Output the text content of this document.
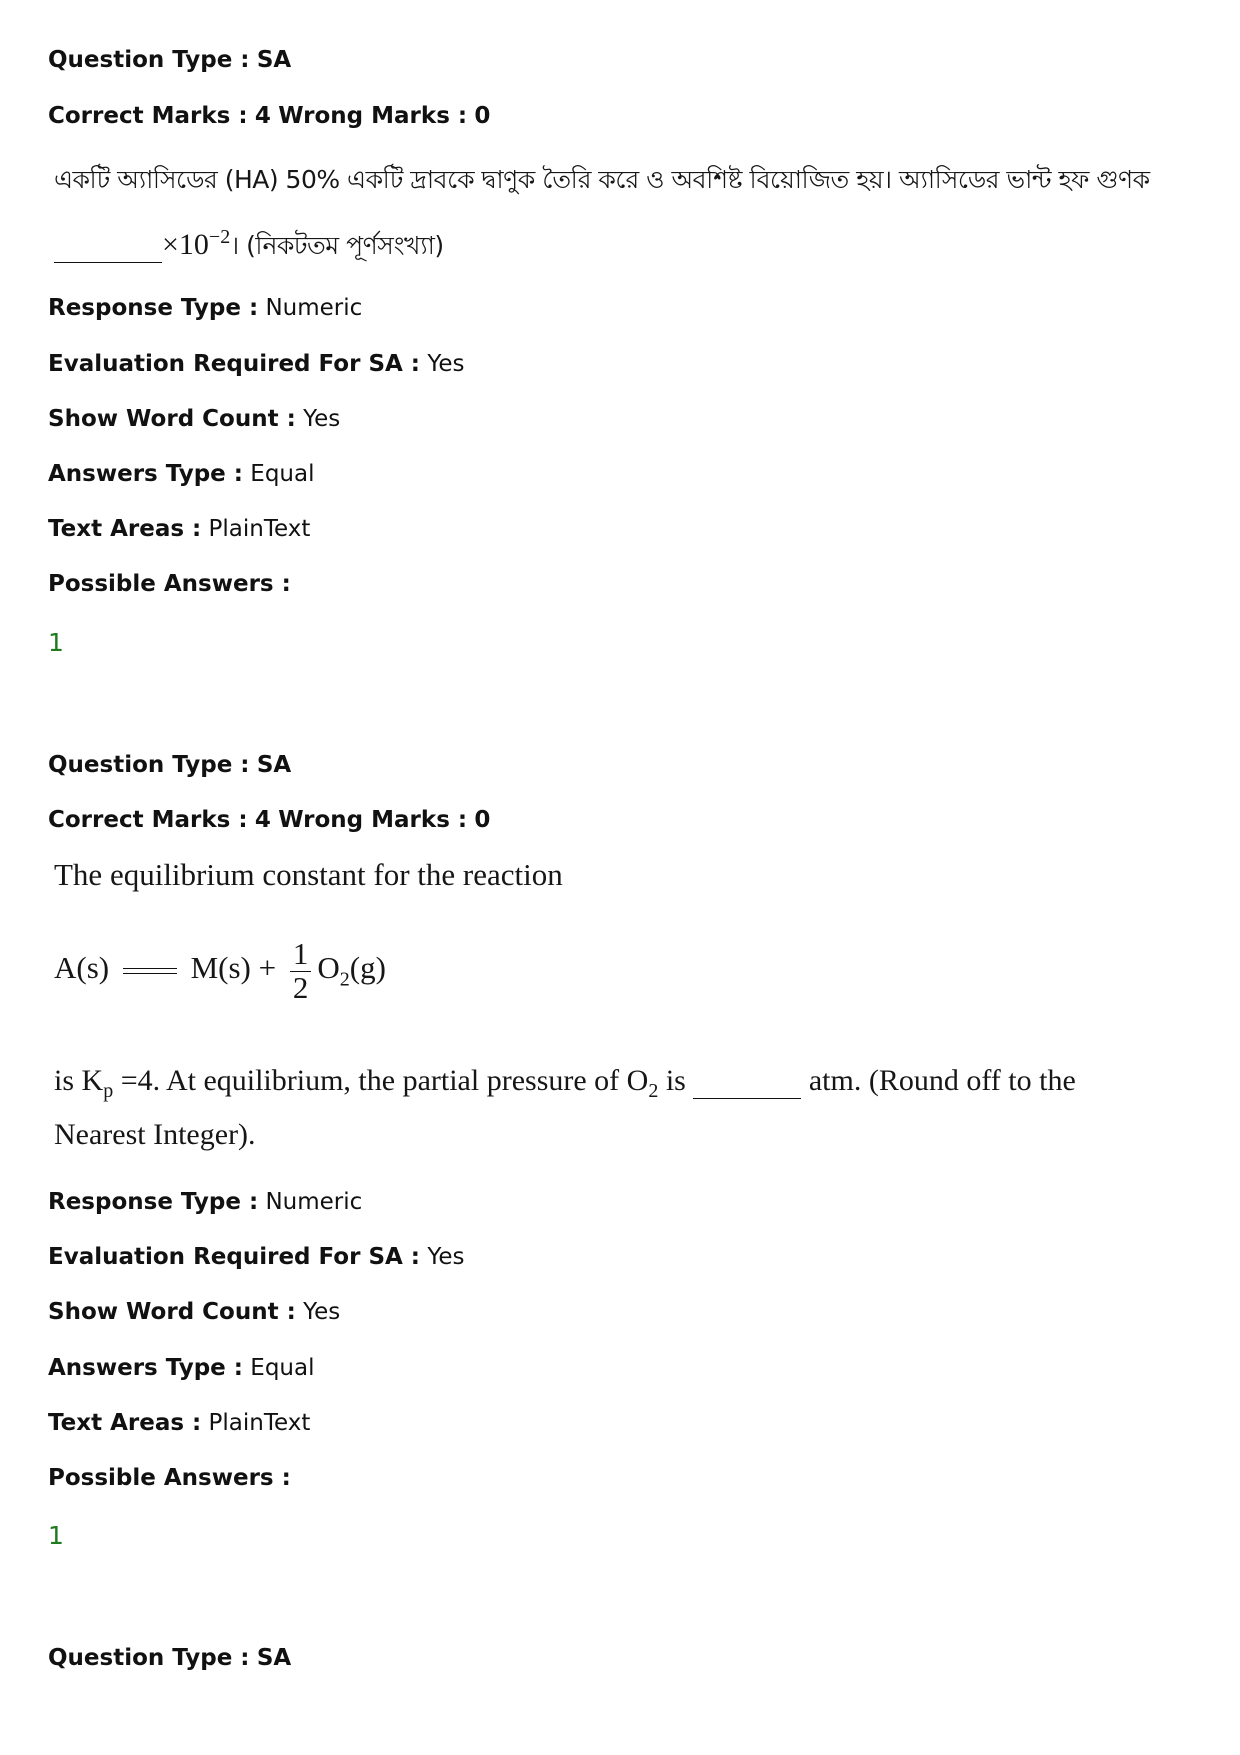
Question Type : SA
Correct Marks : 4 Wrong Marks : 0
একটি অ্যাসিডের (HA) 50% একটি দ্রাবকে দ্বাণুক তৈরি করে ও অবশিষ্ট বিয়োজিত হয়। অ্যাসিডের ভান্ট হফ গুণক
$\times 10^{-2}।$ (নিকটতম পূর্ণসংখ্যা)
Response Type : Numeric
Evaluation Required For SA : Yes
Show Word Count : Yes
Answers Type : Equal
Text Areas : PlainText
Possible Answers :
1
Question Type : SA
Correct Marks : 4 Wrong Marks : 0
The equilibrium constant for the reaction
A(s)	$M(s) + \frac{1}{2} O_2(g)$
is $K_p =4$. At equilibrium, the partial pressure of $O_2$ is	atm. (Round off to the
Nearest Integer).
Response Type : Numeric
Evaluation Required For SA : Yes
Show Word Count : Yes
Answers Type : Equal
Text Areas : PlainText
Possible Answers :
1
Question Type : SA
